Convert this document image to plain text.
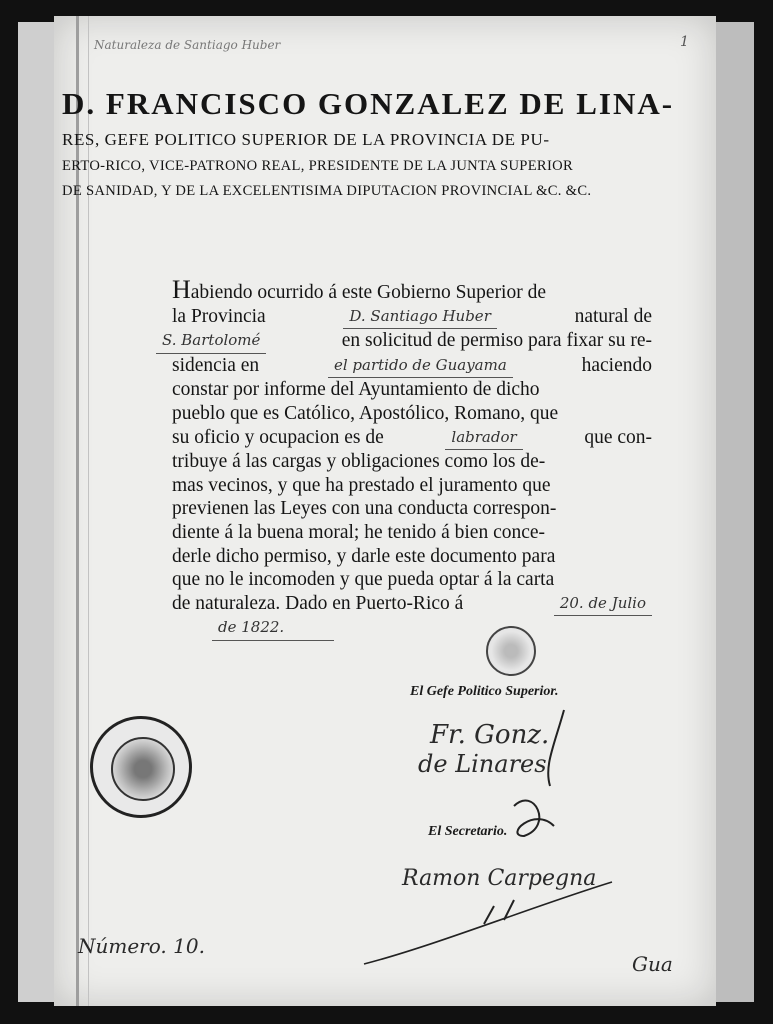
Naturaleza de Santiago Huber	1
D. FRANCISCO GONZALEZ DE LINA-
RES, GEFE POLITICO SUPERIOR DE LA PROVINCIA DE PU-
ERTO-RICO, VICE-PATRONO REAL, PRESIDENTE DE LA JUNTA SUPERIOR
DE SANIDAD, Y DE LA EXCELENTISIMA DIPUTACION PROVINCIAL &C. &C.
Habiendo ocurrido á este Gobierno Superior de
la Provincia	D. Santiago Huber	natural de
S. Bartolomé	en solicitud de permiso para fixar su re-
sidencia en	el partido de Guayama	haciendo
constar por informe del Ayuntamiento de dicho
pueblo que es Católico, Apostólico, Romano, que
su oficio y ocupacion es de	labrador	que con-
tribuye á las cargas y obligaciones como los de-
mas vecinos, y que ha prestado el juramento que
previenen las Leyes con una conducta correspon-
diente á la buena moral; he tenido á bien conce-
derle dicho permiso, y darle este documento para
que no le incomoden y que pueda optar á la carta
de naturaleza. Dado en Puerto-Rico á	20. de Julio
de 1822.
El Gefe Politico Superior.
Fr. Gonz.
de Linares
El Secretario.
Ramon Carpegna
Número. 10.
Gua
